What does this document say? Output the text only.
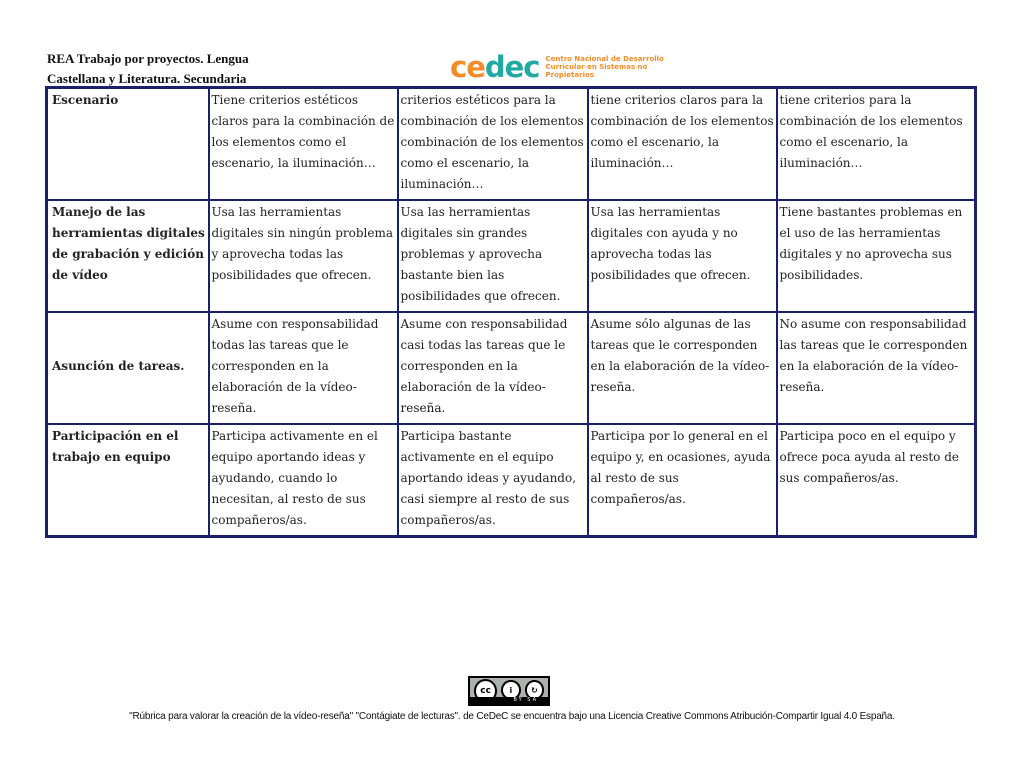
REA Trabajo por proyectos. Lengua Castellana y Literatura. Secundaria	cedec Centro Nacional de Desarrollo Curricular en Sistemas no Propietarios
Escenario	Tiene criterios estéticos claros para la combinación de los elementos como el escenario, la iluminación…	criterios estéticos para la combinación de los elementos combinación de los elementos como el escenario, la iluminación…	tiene criterios claros para la combinación de los elementos como el escenario, la iluminación…	tiene criterios para la combinación de los elementos como el escenario, la iluminación…
Manejo de las herramientas digitales de grabación y edición de vídeo	Usa las herramientas digitales sin ningún problema y aprovecha todas las posibilidades que ofrecen.	Usa las herramientas digitales sin grandes problemas y aprovecha bastante bien las posibilidades que ofrecen.	Usa las herramientas digitales con ayuda y no aprovecha todas las posibilidades que ofrecen.	Tiene bastantes problemas en el uso de las herramientas digitales y no aprovecha sus posibilidades.
Asunción de tareas.	Asume con responsabilidad todas las tareas que le corresponden en la elaboración de la vídeo-reseña.	Asume con responsabilidad casi todas las tareas que le corresponden en la elaboración de la vídeo-reseña.	Asume sólo algunas de las tareas que le corresponden en la elaboración de la vídeo-reseña.	No asume con responsabilidad las tareas que le corresponden en la elaboración de la vídeo-reseña.
Participación en el trabajo en equipo	Participa activamente en el equipo aportando ideas y ayudando, cuando lo necesitan, al resto de sus compañeros/as.	Participa bastante activamente en el equipo aportando ideas y ayudando, casi siempre al resto de sus compañeros/as.	Participa por lo general en el equipo y, en ocasiones, ayuda al resto de sus compañeros/as.	Participa poco en el equipo y ofrece poca ayuda al resto de sus compañeros/as.
cc	i	↻
BY SA
"Rúbrica para valorar la creación de la vídeo-reseña" "Contágiate de lecturas". de CeDeC se encuentra bajo una Licencia Creative Commons Atribución-Compartir Igual 4.0 España.
